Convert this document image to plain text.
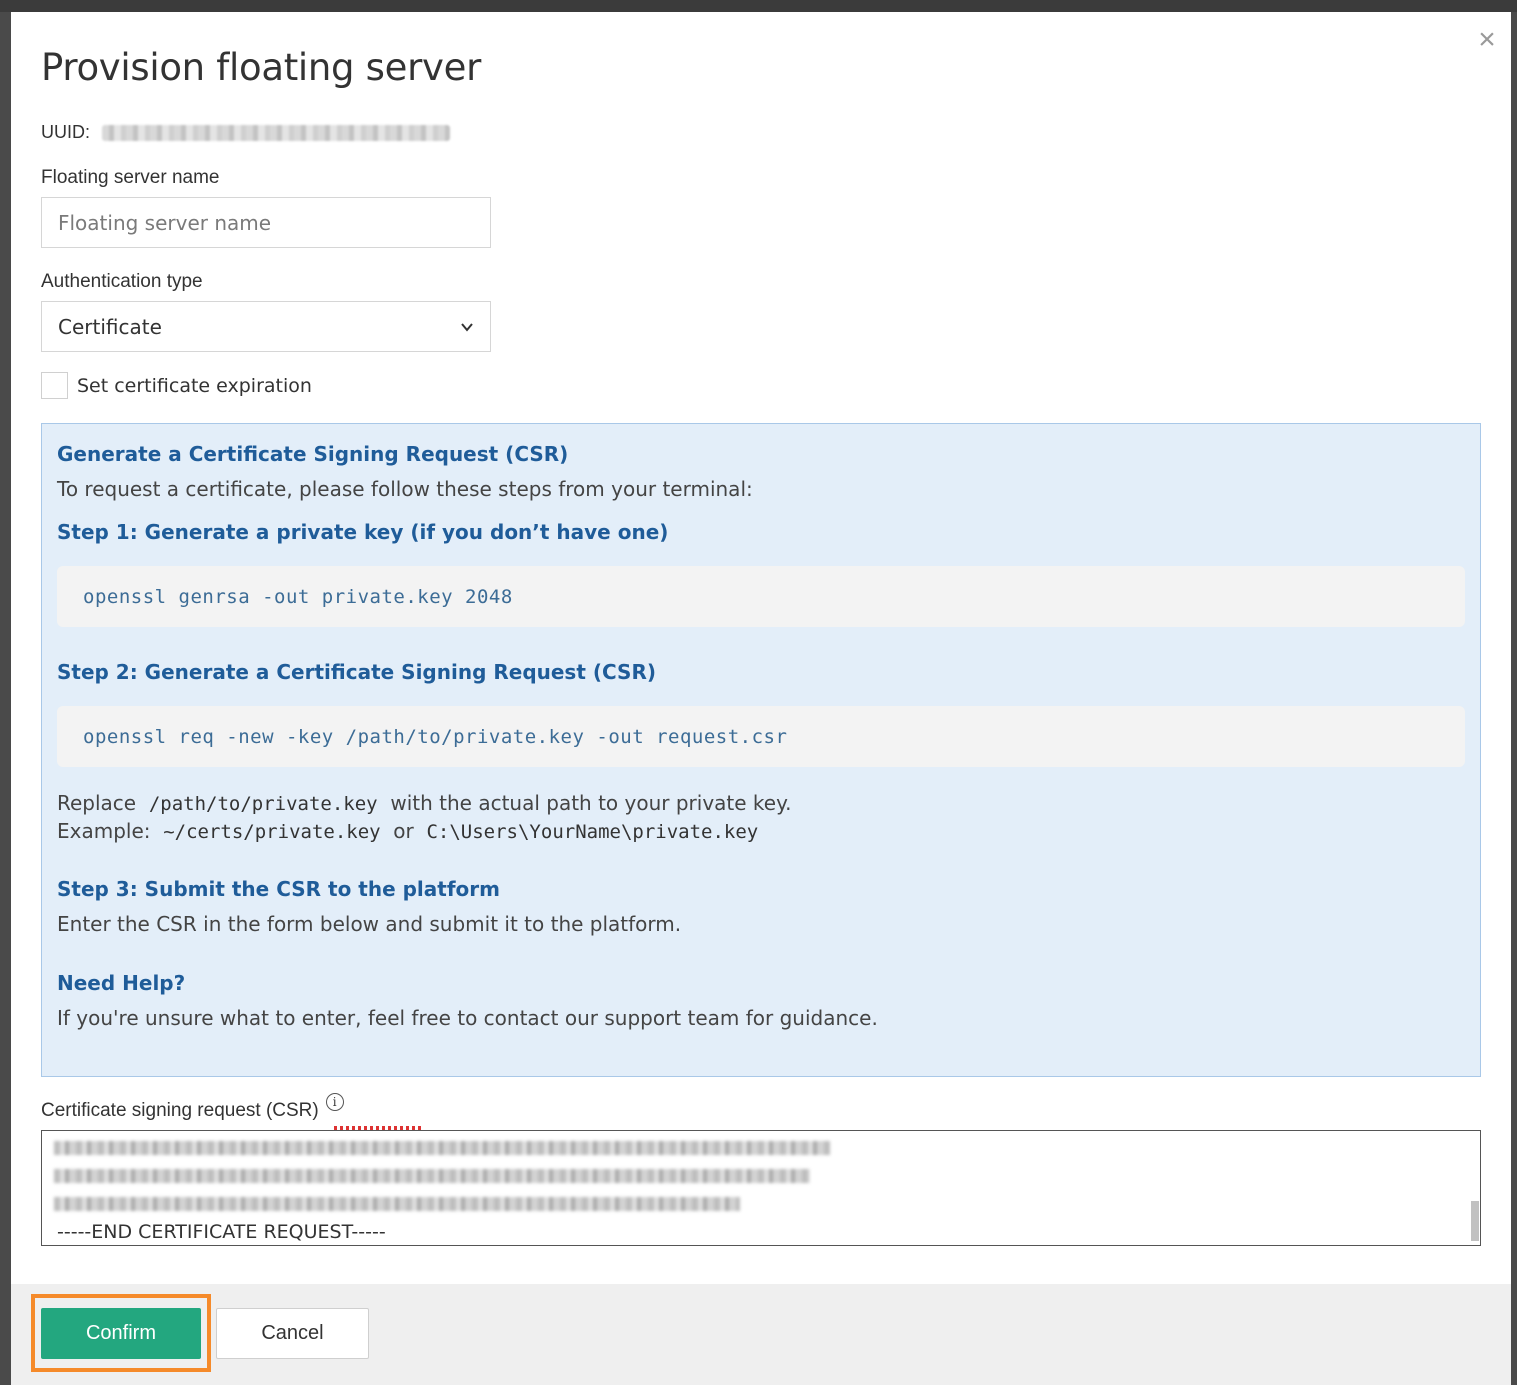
×
Provision floating server
UUID:
Floating server name
Floating server name
Authentication type
Certificate
Set certificate expiration
Generate a Certificate Signing Request (CSR)

To request a certificate, please follow these steps from your terminal:

Step 1: Generate a private key (if you don’t have one)
openssl genrsa -out private.key 2048
Step 2: Generate a Certificate Signing Request (CSR)
openssl req -new -key /path/to/private.key -out request.csr

Replace /path/to/private.key with the actual path to your private key.

Example: ~/certs/private.key or C:\Users\YourName\private.key

Step 3: Submit the CSR to the platform

Enter the CSR in the form below and submit it to the platform.

Need Help?

If you're unsure what to enter, feel free to contact our support team for guidance.

Certificate signing request (CSR)	i
-----END CERTIFICATE REQUEST-----
Confirm	Cancel
